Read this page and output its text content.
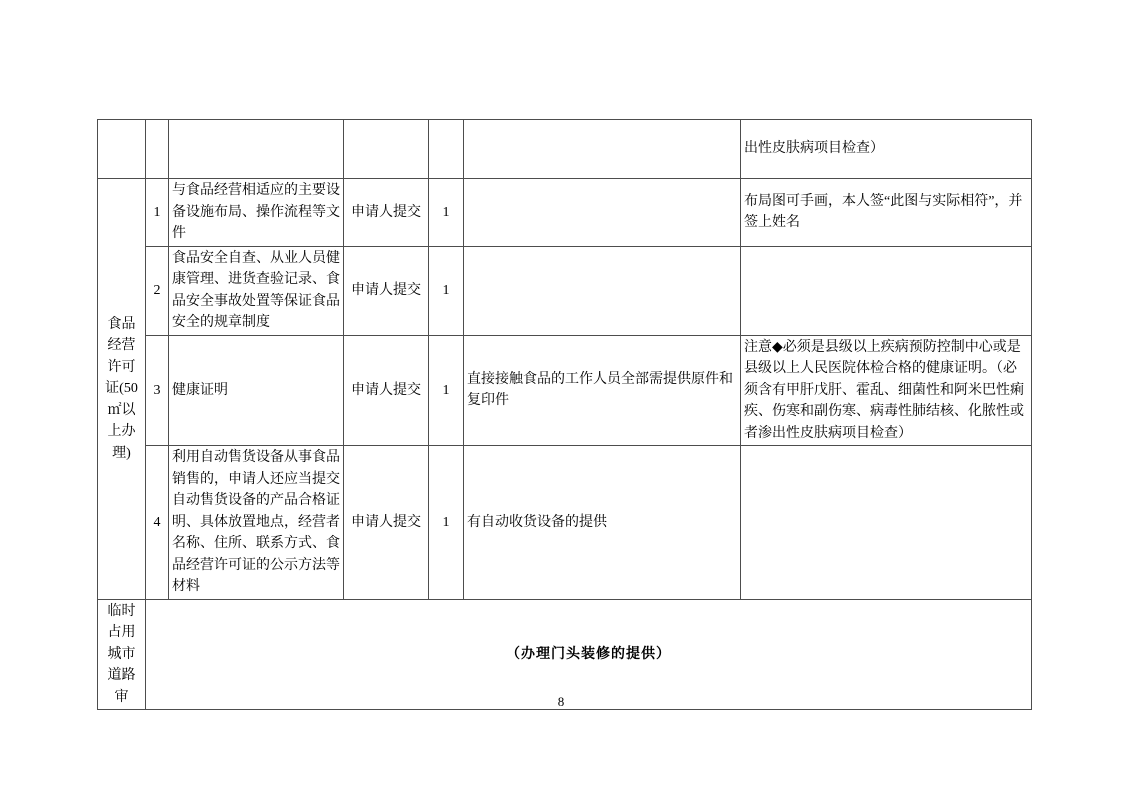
						出性皮肤病项目检查）
食品经营许可证(50㎡以上办理)	1	与食品经营相适应的主要设备设施布局、操作流程等文件	申请人提交	1		布局图可手画，本人签“此图与实际相符”，并签上姓名
	2	食品安全自查、从业人员健康管理、进货查验记录、食品安全事故处置等保证食品安全的规章制度	申请人提交	1		
	3	健康证明	申请人提交	1	直接接触食品的工作人员全部需提供原件和复印件	注意◆必须是县级以上疾病预防控制中心或是县级以上人民医院体检合格的健康证明。（必须含有甲肝戊肝、霍乱、细菌性和阿米巴性痢疾、伤寒和副伤寒、病毒性肺结核、化脓性或者渗出性皮肤病项目检查）
	4	利用自动售货设备从事食品销售的，申请人还应当提交自动售货设备的产品合格证明、具体放置地点，经营者名称、住所、联系方式、食品经营许可证的公示方法等材料	申请人提交	1	有自动收货设备的提供	
临时占用城市道路审	（办理门头装修的提供）					
8
